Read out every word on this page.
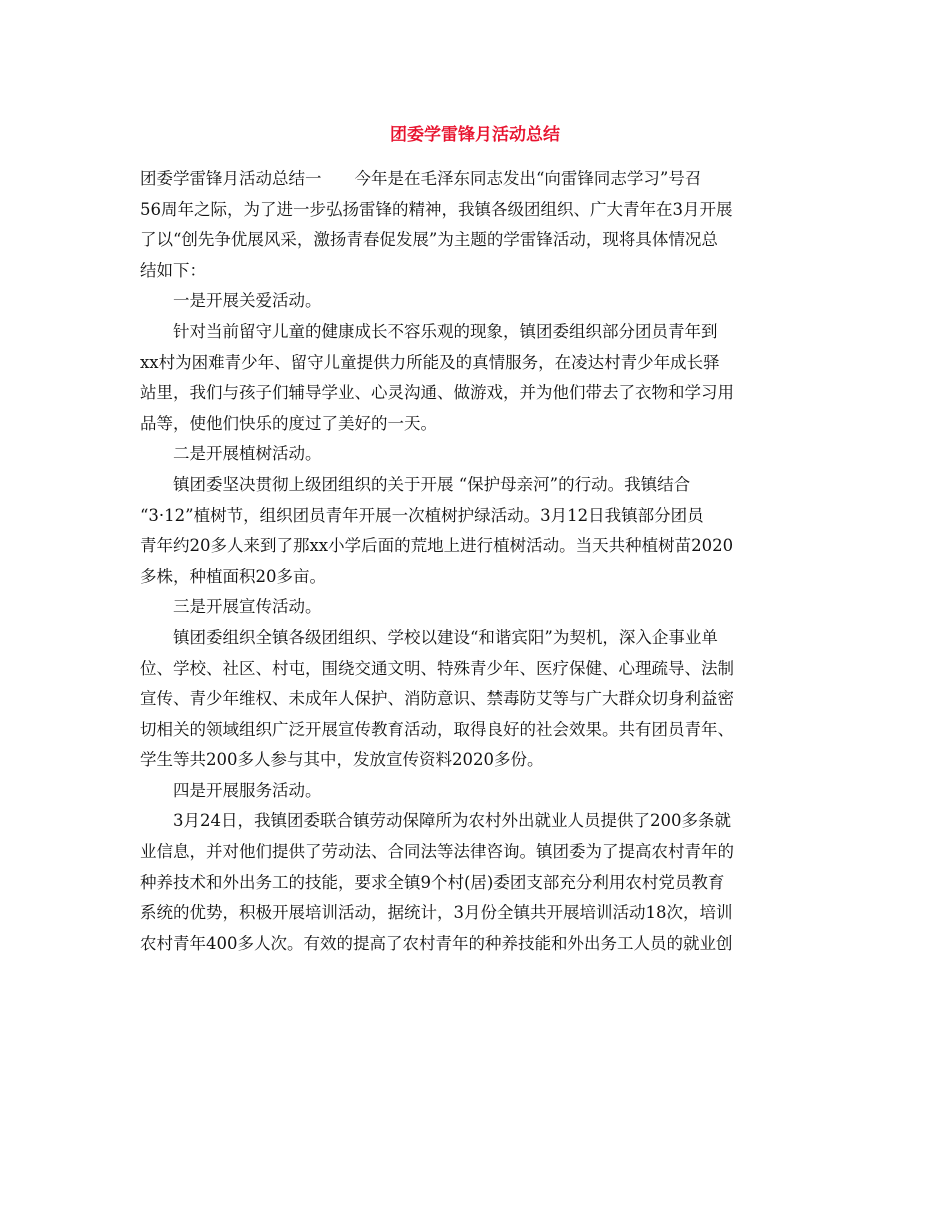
团委学雷锋月活动总结

团委学雷锋月活动总结一　　今年是在毛泽东同志发出“向雷锋同志学习”号召
56周年之际，为了进一步弘扬雷锋的精神，我镇各级团组织、广大青年在3月开展
了以“创先争优展风采，激扬青春促发展”为主题的学雷锋活动，现将具体情况总
结如下：

一是开展关爱活动。

针对当前留守儿童的健康成长不容乐观的现象，镇团委组织部分团员青年到
xx村为困难青少年、留守儿童提供力所能及的真情服务，在凌达村青少年成长驿
站里，我们与孩子们辅导学业、心灵沟通、做游戏，并为他们带去了衣物和学习用
品等，使他们快乐的度过了美好的一天。

二是开展植树活动。

镇团委坚决贯彻上级团组织的关于开展 “保护母亲河”的行动。我镇结合
“3·12”植树节，组织团员青年开展一次植树护绿活动。3月12日我镇部分团员
青年约20多人来到了那xx小学后面的荒地上进行植树活动。当天共种植树苗2020
多株，种植面积20多亩。

三是开展宣传活动。

镇团委组织全镇各级团组织、学校以建设“和谐宾阳”为契机，深入企事业单
位、学校、社区、村屯，围绕交通文明、特殊青少年、医疗保健、心理疏导、法制
宣传、青少年维权、未成年人保护、消防意识、禁毒防艾等与广大群众切身利益密
切相关的领域组织广泛开展宣传教育活动，取得良好的社会效果。共有团员青年、
学生等共200多人参与其中，发放宣传资料2020多份。

四是开展服务活动。

3月24日，我镇团委联合镇劳动保障所为农村外出就业人员提供了200多条就
业信息，并对他们提供了劳动法、合同法等法律咨询。镇团委为了提高农村青年的
种养技术和外出务工的技能，要求全镇9个村(居)委团支部充分利用农村党员教育
系统的优势，积极开展培训活动，据统计，3月份全镇共开展培训活动18次，培训
农村青年400多人次。有效的提高了农村青年的种养技能和外出务工人员的就业创
